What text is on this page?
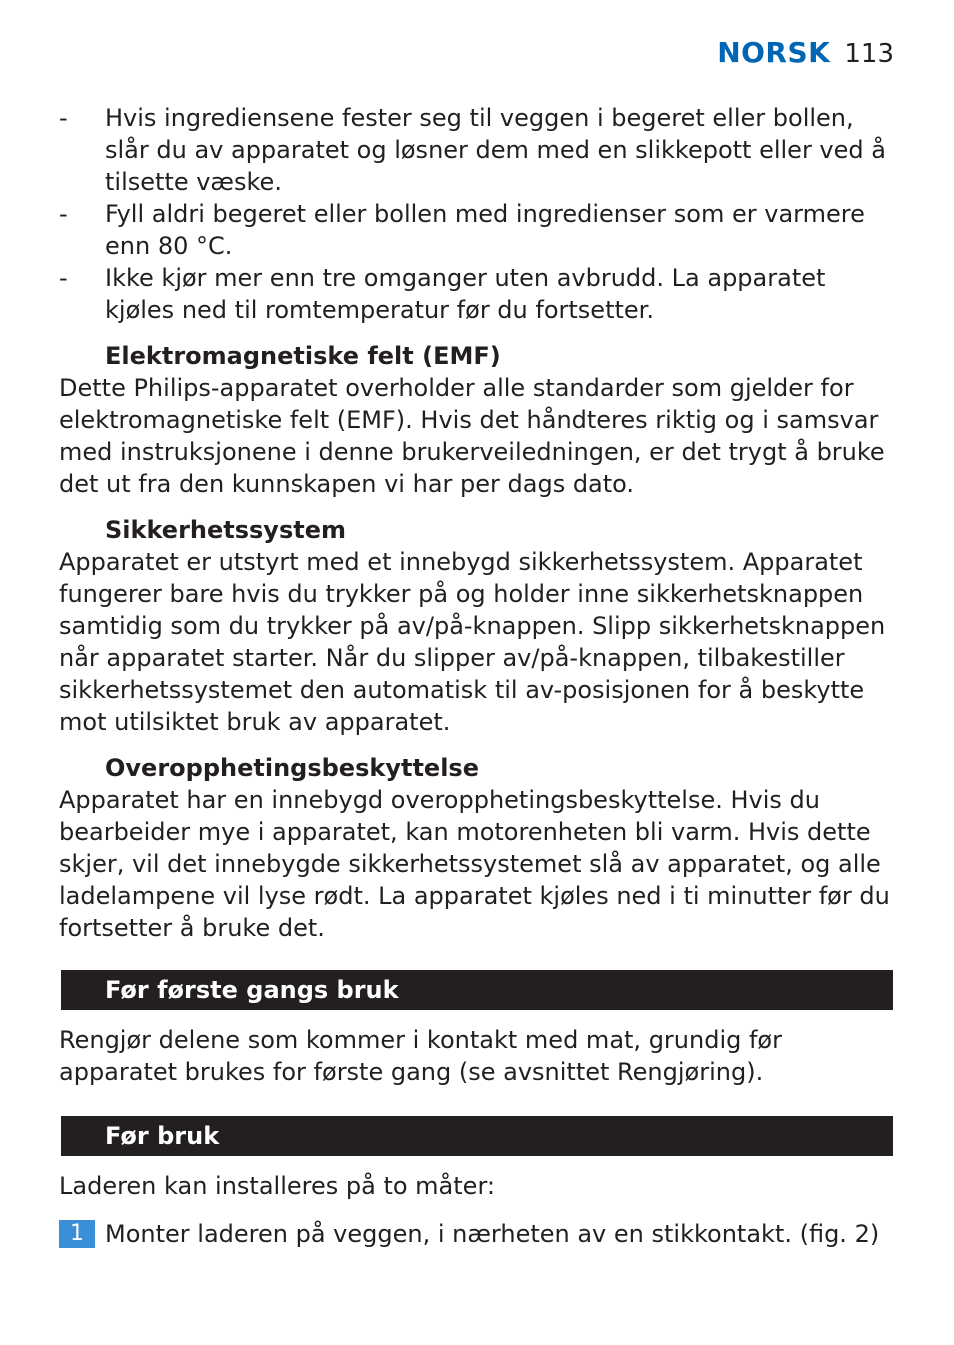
NORSK 113
- Hvis ingrediensene fester seg til veggen i begeret eller bollen, slår du av apparatet og løsner dem med en slikkepott eller ved å tilsette væske.
- Fyll aldri begeret eller bollen med ingredienser som er varmere enn 80 °C.
- Ikke kjør mer enn tre omganger uten avbrudd. La apparatet kjøles ned til romtemperatur før du fortsetter.
Elektromagnetiske felt (EMF)

Dette Philips-apparatet overholder alle standarder som gjelder for elektromagnetiske felt (EMF). Hvis det håndteres riktig og i samsvar med instruksjonene i denne brukerveiledningen, er det trygt å bruke det ut fra den kunnskapen vi har per dags dato.

Sikkerhetssystem

Apparatet er utstyrt med et innebygd sikkerhetssystem. Apparatet fungerer bare hvis du trykker på og holder inne sikkerhetsknappen samtidig som du trykker på av/på-knappen. Slipp sikkerhetsknappen når apparatet starter. Når du slipper av/på-knappen, tilbakestiller sikkerhetssystemet den automatisk til av-posisjonen for å beskytte mot utilsiktet bruk av apparatet.

Overopphetingsbeskyttelse

Apparatet har en innebygd overopphetingsbeskyttelse. Hvis du bearbeider mye i apparatet, kan motorenheten bli varm. Hvis dette skjer, vil det innebygde sikkerhetssystemet slå av apparatet, og alle ladelampene vil lyse rødt. La apparatet kjøles ned i ti minutter før du fortsetter å bruke det.

Før første gangs bruk

Rengjør delene som kommer i kontakt med mat, grundig før apparatet brukes for første gang (se avsnittet Rengjøring).

Før bruk

Laderen kan installeres på to måter:

1 Monter laderen på veggen, i nærheten av en stikkontakt. (fig. 2)
